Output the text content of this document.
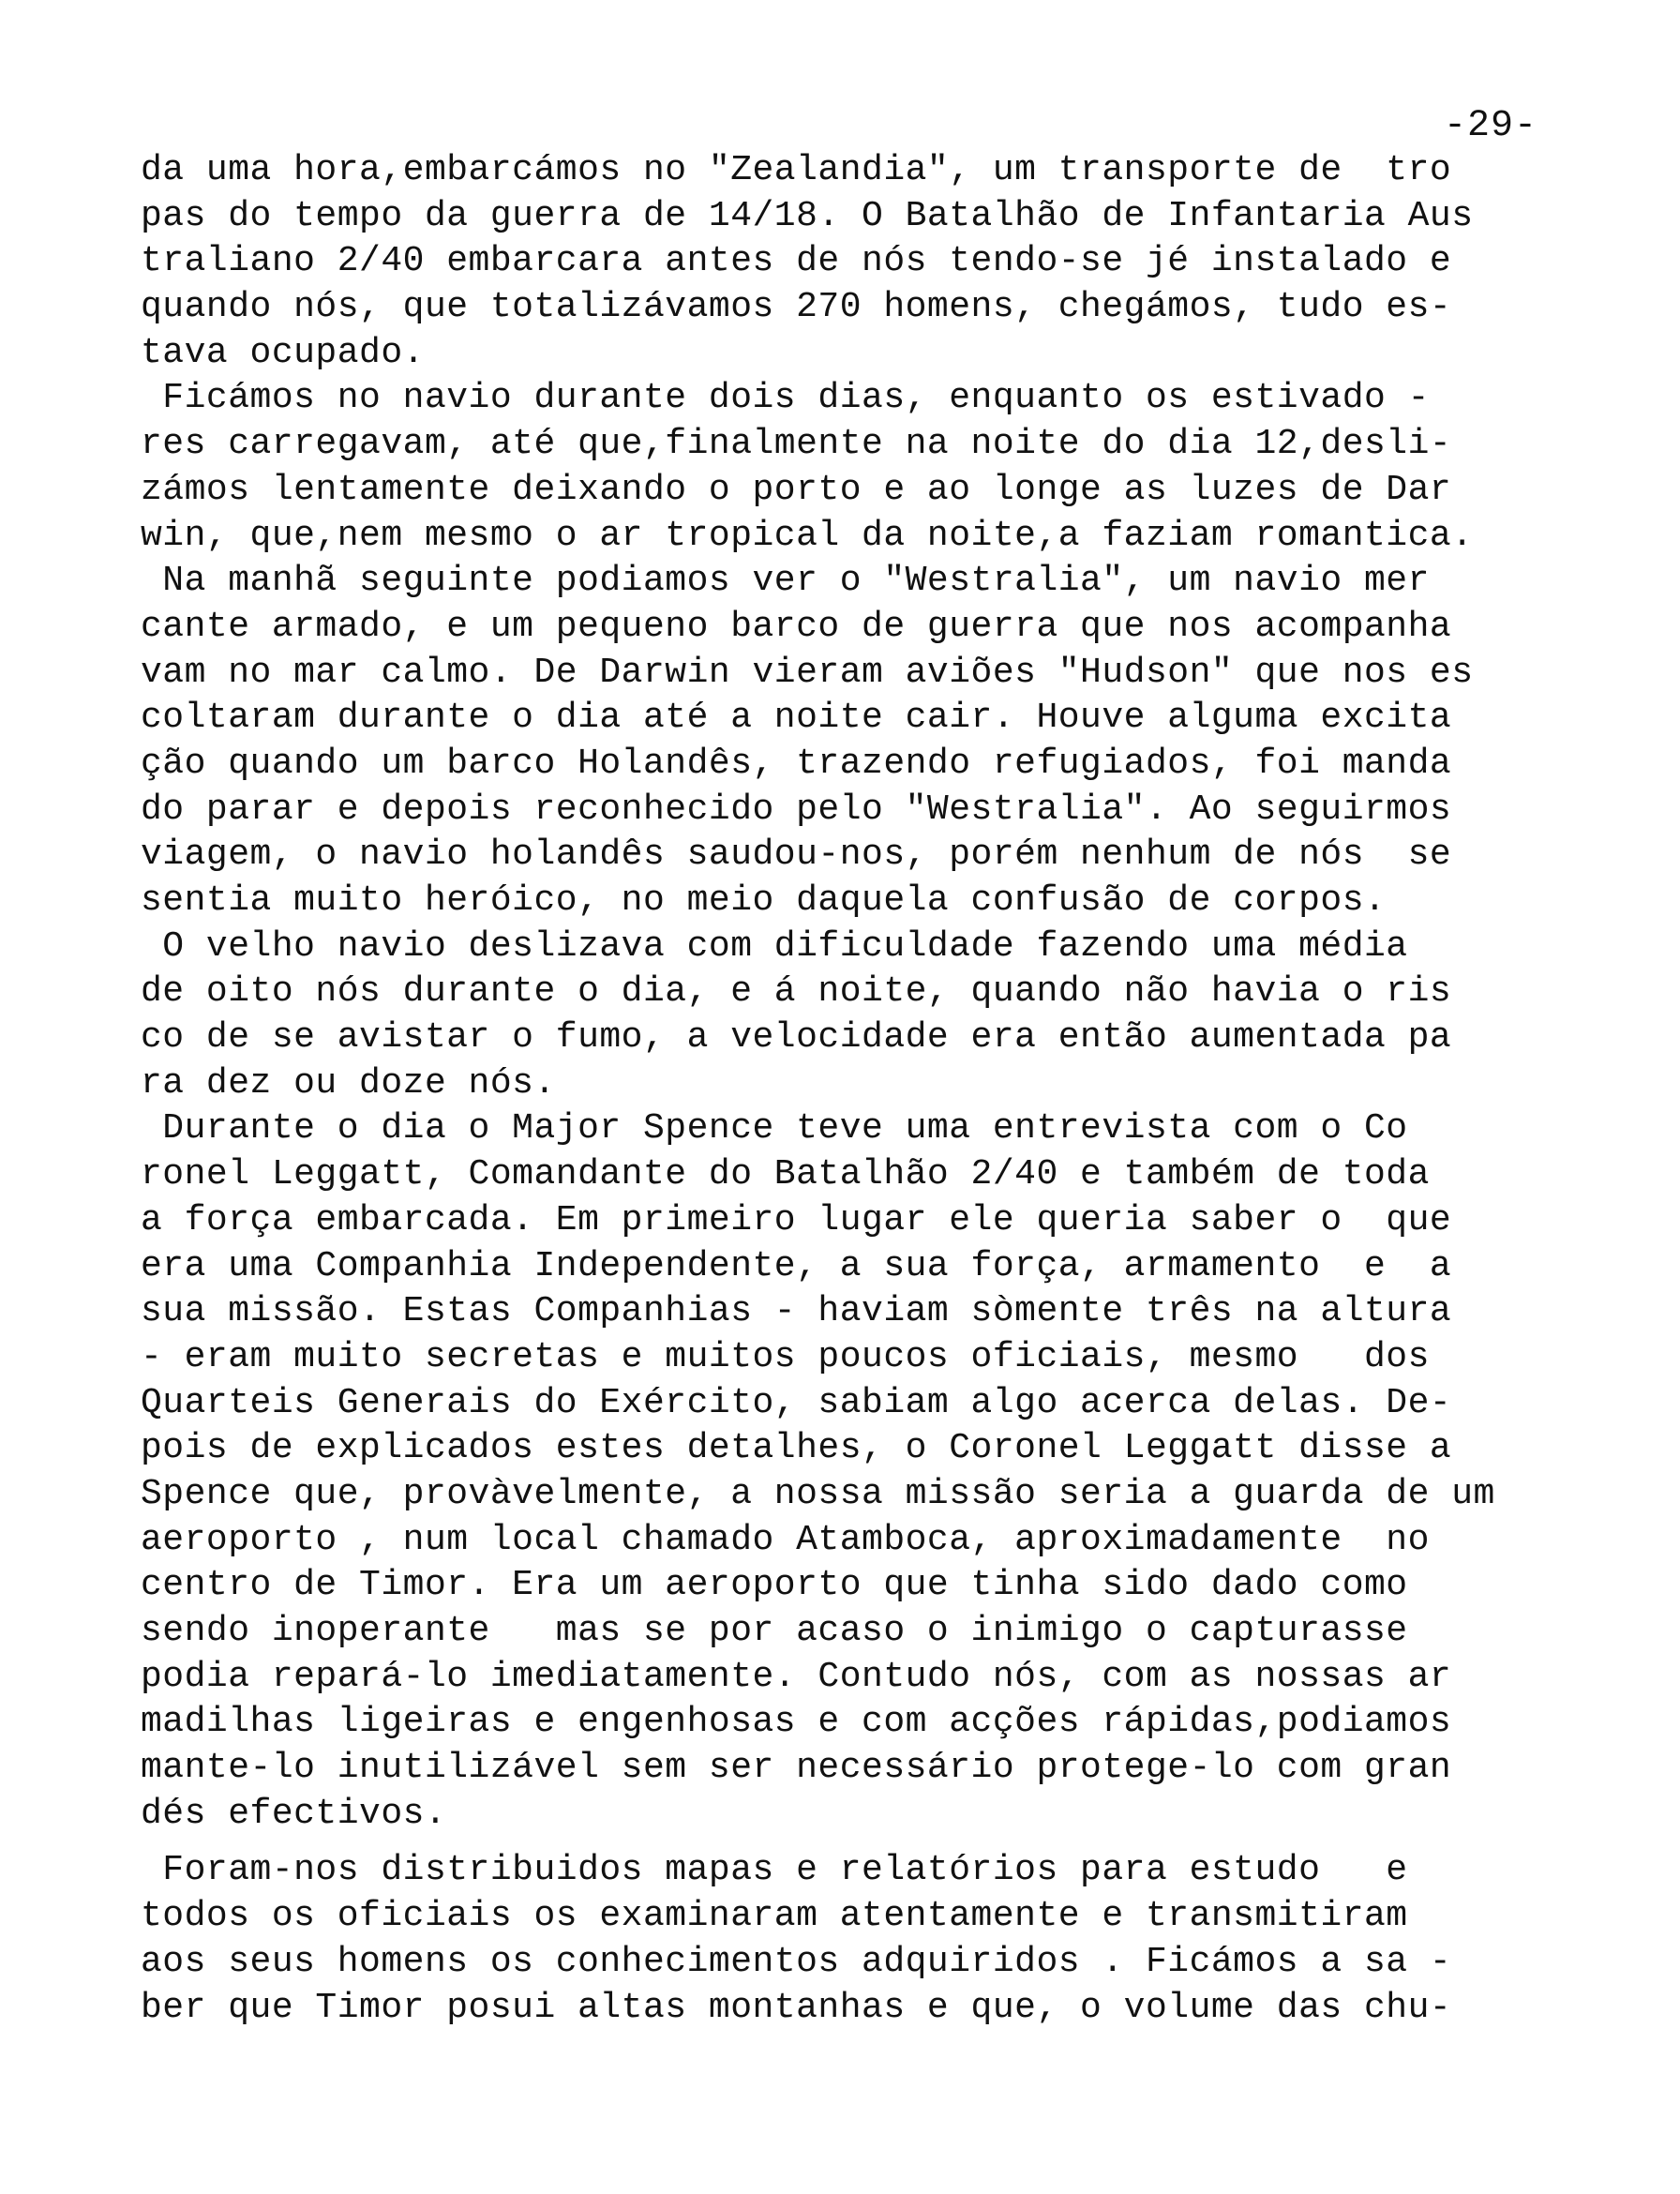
-29-
da uma hora,embarcámos no "Zealandia", um transporte de  tro
pas do tempo da guerra de 14/18. O Batalhão de Infantaria Aus
traliano 2/40 embarcara antes de nós tendo-se jé instalado e
quando nós, que totalizávamos 270 homens, chegámos, tudo es-
tava ocupado.
Ficámos no navio durante dois dias, enquanto os estivado -
res carregavam, até que,finalmente na noite do dia 12,desli-
zámos lentamente deixando o porto e ao longe as luzes de Dar
win, que,nem mesmo o ar tropical da noite,a faziam romantica.
Na manhã seguinte podiamos ver o "Westralia", um navio mer
cante armado, e um pequeno barco de guerra que nos acompanha
vam no mar calmo. De Darwin vieram aviões "Hudson" que nos es
coltaram durante o dia até a noite cair. Houve alguma excita
ção quando um barco Holandês, trazendo refugiados, foi manda
do parar e depois reconhecido pelo "Westralia". Ao seguirmos
viagem, o navio holandês saudou-nos, porém nenhum de nós  se
sentia muito heróico, no meio daquela confusão de corpos.
O velho navio deslizava com dificuldade fazendo uma média
de oito nós durante o dia, e á noite, quando não havia o ris
co de se avistar o fumo, a velocidade era então aumentada pa
ra dez ou doze nós.
Durante o dia o Major Spence teve uma entrevista com o Co
ronel Leggatt, Comandante do Batalhão 2/40 e também de toda
a força embarcada. Em primeiro lugar ele queria saber o  que
era uma Companhia Independente, a sua força, armamento  e  a
sua missão. Estas Companhias - haviam sòmente três na altura
- eram muito secretas e muitos poucos oficiais, mesmo   dos
Quarteis Generais do Exército, sabiam algo acerca delas. De-
pois de explicados estes detalhes, o Coronel Leggatt disse a
Spence que, provàvelmente, a nossa missão seria a guarda de um
aeroporto , num local chamado Atamboca, aproximadamente  no
centro de Timor. Era um aeroporto que tinha sido dado como
sendo inoperante   mas se por acaso o inimigo o capturasse
podia repará-lo imediatamente. Contudo nós, com as nossas ar
madilhas ligeiras e engenhosas e com acções rápidas,podiamos
mante-lo inutilizável sem ser necessário protege-lo com gran
dés efectivos.
Foram-nos distribuidos mapas e relatórios para estudo   e
todos os oficiais os examinaram atentamente e transmitiram
aos seus homens os conhecimentos adquiridos . Ficámos a sa -
ber que Timor posui altas montanhas e que, o volume das chu-
